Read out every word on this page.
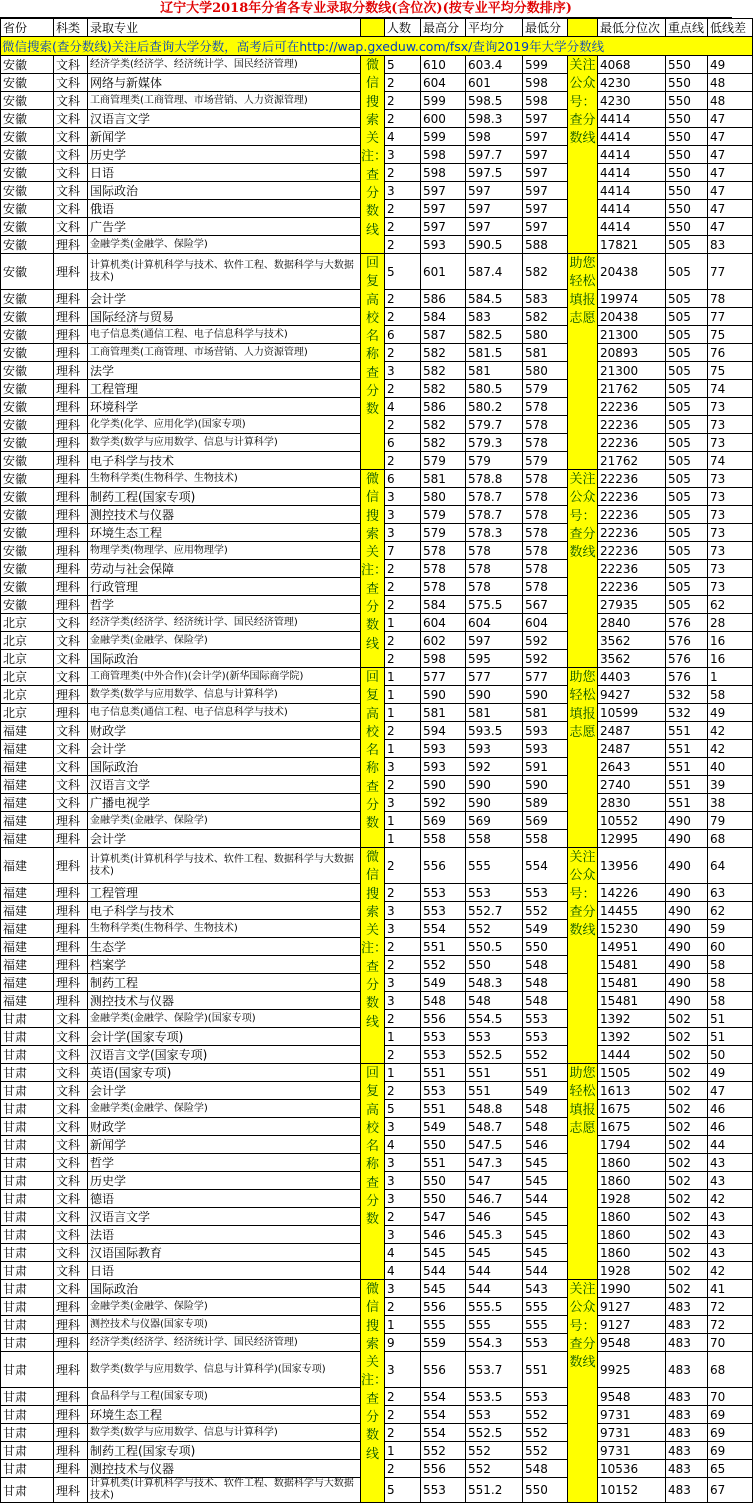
辽宁大学2018年分省各专业录取分数线(含位次)(按专业平均分数排序)
省份	科类	录取专业		人数	最高分	平均分	最低分		最低分位次	重点线	低线差
微信搜索(查分数线)关注后查询大学分数，高考后可在http://wap.gxeduw.com/fsx/查询2019年大学分数线											
安徽	文科	经济学类(经济学、经济统计学、国民经济管理)	微信搜索关注：查分数线	5	610	603.4	599	关注公众号：查分数线	4068	550	49
安徽	文科	网络与新媒体		2	604	601	598		4230	550	48
安徽	文科	工商管理类(工商管理、市场营销、人力资源管理)		2	599	598.5	598		4230	550	48
安徽	文科	汉语言文学		2	600	598.3	597		4414	550	47
安徽	文科	新闻学		4	599	598	597		4414	550	47
安徽	文科	历史学		3	598	597.7	597		4414	550	47
安徽	文科	日语		2	598	597.5	597		4414	550	47
安徽	文科	国际政治		3	597	597	597		4414	550	47
安徽	文科	俄语		2	597	597	597		4414	550	47
安徽	文科	广告学		2	597	597	597		4414	550	47
安徽	理科	金融学类(金融学、保险学)		2	593	590.5	588		17821	505	83
安徽	理科	计算机类(计算机科学与技术、软件工程、数据科学与大数据技术)	回复高校名称查分数	5	601	587.4	582	助您轻松填报志愿	20438	505	77
安徽	理科	会计学		2	586	584.5	583		19974	505	78
安徽	理科	国际经济与贸易		2	584	583	582		20438	505	77
安徽	理科	电子信息类(通信工程、电子信息科学与技术)		6	587	582.5	580		21300	505	75
安徽	理科	工商管理类(工商管理、市场营销、人力资源管理)		2	582	581.5	581		20893	505	76
安徽	理科	法学		3	582	581	580		21300	505	75
安徽	理科	工程管理		2	582	580.5	579		21762	505	74
安徽	理科	环境科学		4	586	580.2	578		22236	505	73
安徽	理科	化学类(化学、应用化学)(国家专项)		2	582	579.7	578		22236	505	73
安徽	理科	数学类(数学与应用数学、信息与计算科学)		6	582	579.3	578		22236	505	73
安徽	理科	电子科学与技术		2	579	579	579		21762	505	74
安徽	理科	生物科学类(生物科学、生物技术)	微信搜索关注：查分数线	6	581	578.8	578	关注公众号：查分数线	22236	505	73
安徽	理科	制药工程(国家专项)		3	580	578.7	578		22236	505	73
安徽	理科	测控技术与仪器		3	579	578.7	578		22236	505	73
安徽	理科	环境生态工程		3	579	578.3	578		22236	505	73
安徽	理科	物理学类(物理学、应用物理学)		7	578	578	578		22236	505	73
安徽	理科	劳动与社会保障		2	578	578	578		22236	505	73
安徽	理科	行政管理		2	578	578	578		22236	505	73
安徽	理科	哲学		2	584	575.5	567		27935	505	62
北京	文科	经济学类(经济学、经济统计学、国民经济管理)		1	604	604	604		2840	576	28
北京	文科	金融学类(金融学、保险学)		2	602	597	592		3562	576	16
北京	文科	国际政治		2	598	595	592		3562	576	16
北京	文科	工商管理类(中外合作)(会计学)(新华国际商学院)	回复高校名称查分数	1	577	577	577	助您轻松填报志愿	4403	576	1
北京	理科	数学类(数学与应用数学、信息与计算科学)		1	590	590	590		9427	532	58
北京	理科	电子信息类(通信工程、电子信息科学与技术)		1	581	581	581		10599	532	49
福建	文科	财政学		2	594	593.5	593		2487	551	42
福建	文科	会计学		1	593	593	593		2487	551	42
福建	文科	国际政治		3	593	592	591		2643	551	40
福建	文科	汉语言文学		2	590	590	590		2740	551	39
福建	文科	广播电视学		3	592	590	589		2830	551	38
福建	理科	金融学类(金融学、保险学)		1	569	569	569		10552	490	79
福建	理科	会计学		1	558	558	558		12995	490	68
福建	理科	计算机类(计算机科学与技术、软件工程、数据科学与大数据技术)	微信搜索关注：查分数线	2	556	555	554	关注公众号：查分数线	13956	490	64
福建	理科	工程管理		2	553	553	553		14226	490	63
福建	理科	电子科学与技术		3	553	552.7	552		14455	490	62
福建	理科	生物科学类(生物科学、生物技术)		3	554	552	549		15230	490	59
福建	理科	生态学		2	551	550.5	550		14951	490	60
福建	理科	档案学		2	552	550	548		15481	490	58
福建	理科	制药工程		3	549	548.3	548		15481	490	58
福建	理科	测控技术与仪器		3	548	548	548		15481	490	58
甘肃	文科	金融学类(金融学、保险学)(国家专项)		2	556	554.5	553		1392	502	51
甘肃	文科	会计学(国家专项)		1	553	553	553		1392	502	51
甘肃	文科	汉语言文学(国家专项)		2	553	552.5	552		1444	502	50
甘肃	文科	英语(国家专项)	回复高校名称查分数	1	551	551	551	助您轻松填报志愿	1505	502	49
甘肃	文科	会计学		2	553	551	549		1613	502	47
甘肃	文科	金融学类(金融学、保险学)		5	551	548.8	548		1675	502	46
甘肃	文科	财政学		3	549	548.7	548		1675	502	46
甘肃	文科	新闻学		4	550	547.5	546		1794	502	44
甘肃	文科	哲学		3	551	547.3	545		1860	502	43
甘肃	文科	历史学		3	550	547	545		1860	502	43
甘肃	文科	德语		3	550	546.7	544		1928	502	42
甘肃	文科	汉语言文学		2	547	546	545		1860	502	43
甘肃	文科	法语		3	546	545.3	545		1860	502	43
甘肃	文科	汉语国际教育		4	545	545	545		1860	502	43
甘肃	文科	日语		4	544	544	544		1928	502	42
甘肃	文科	国际政治	微信搜索关注：查分数线	3	545	544	543	关注公众号：查分数线	1990	502	41
甘肃	理科	金融学类(金融学、保险学)		2	556	555.5	555		9127	483	72
甘肃	理科	测控技术与仪器(国家专项)		1	555	555	555		9127	483	72
甘肃	理科	经济学类(经济学、经济统计学、国民经济管理)		9	559	554.3	553		9548	483	70
甘肃	理科	数学类(数学与应用数学、信息与计算科学)(国家专项)		3	556	553.7	551		9925	483	68
甘肃	理科	食品科学与工程(国家专项)		2	554	553.5	553		9548	483	70
甘肃	理科	环境生态工程		2	554	553	552		9731	483	69
甘肃	理科	数学类(数学与应用数学、信息与计算科学)		2	554	552.5	552		9731	483	69
甘肃	理科	制药工程(国家专项)		1	552	552	552		9731	483	69
甘肃	理科	测控技术与仪器		2	556	552	548		10536	483	65
甘肃	理科	计算机类(计算机科学与技术、软件工程、数据科学与大数据技术)		5	553	551.2	550		10152	483	67
